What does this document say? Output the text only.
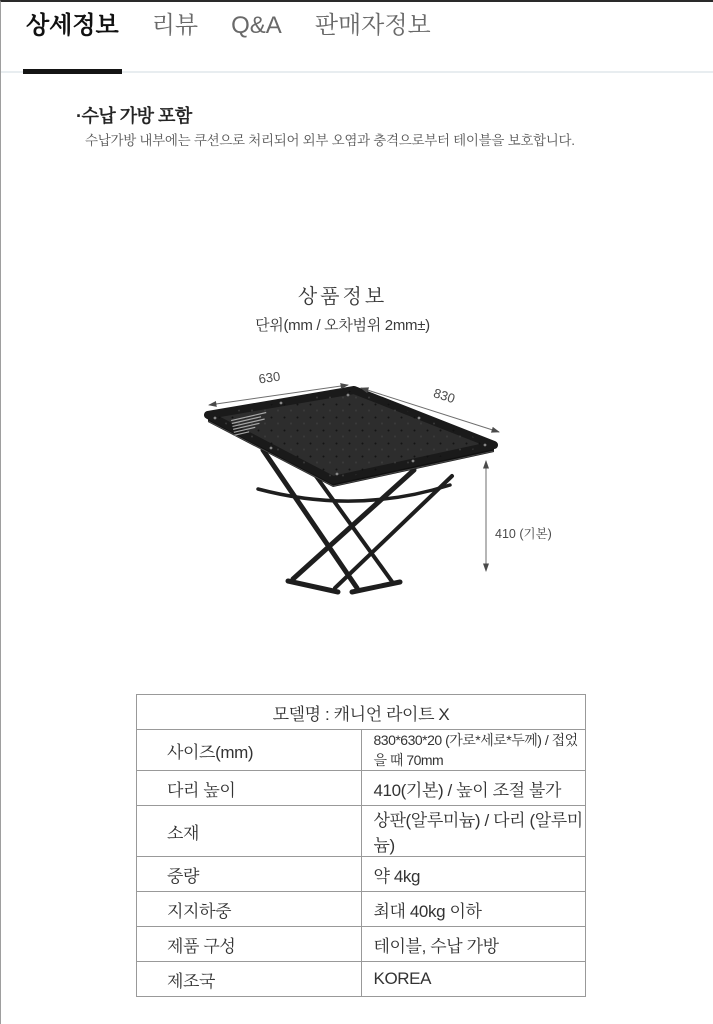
상세정보 리뷰 Q&A 판매자정보
·수납 가방 포함
수납가방 내부에는 쿠션으로 처리되어 외부 오염과 충격으로부터 테이블을 보호합니다.
상품정보
단위(mm / 오차범위 2mm±)
630
830
410 (기본)
모델명 : 캐니언 라이트 X	
사이즈(mm)	830*630*20 (가로*세로*두께) / 접었을 때 70mm
다리 높이	410(기본) / 높이 조절 불가
소재	상판(알루미늄) / 다리 (알루미늄)
중량	약 4kg
지지하중	최대 40kg 이하
제품 구성	테이블, 수납 가방
제조국	KOREA
